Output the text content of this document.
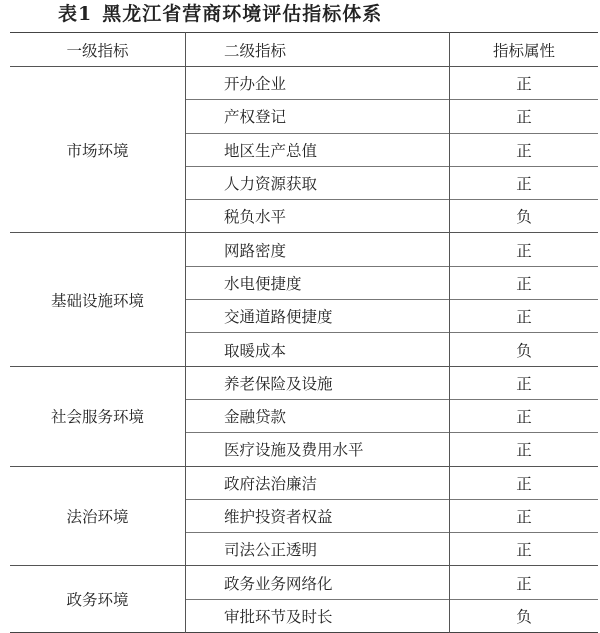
表1 黑龙江省营商环境评估指标体系
一级指标	二级指标	指标属性
市场环境	开办企业	正
	产权登记	正
	地区生产总值	正
	人力资源获取	正
	税负水平	负
基础设施环境	网路密度	正
	水电便捷度	正
	交通道路便捷度	正
	取暖成本	负
社会服务环境	养老保险及设施	正
	金融贷款	正
	医疗设施及费用水平	正
法治环境	政府法治廉洁	正
	维护投资者权益	正
	司法公正透明	正
政务环境	政务业务网络化	正
	审批环节及时长	负
